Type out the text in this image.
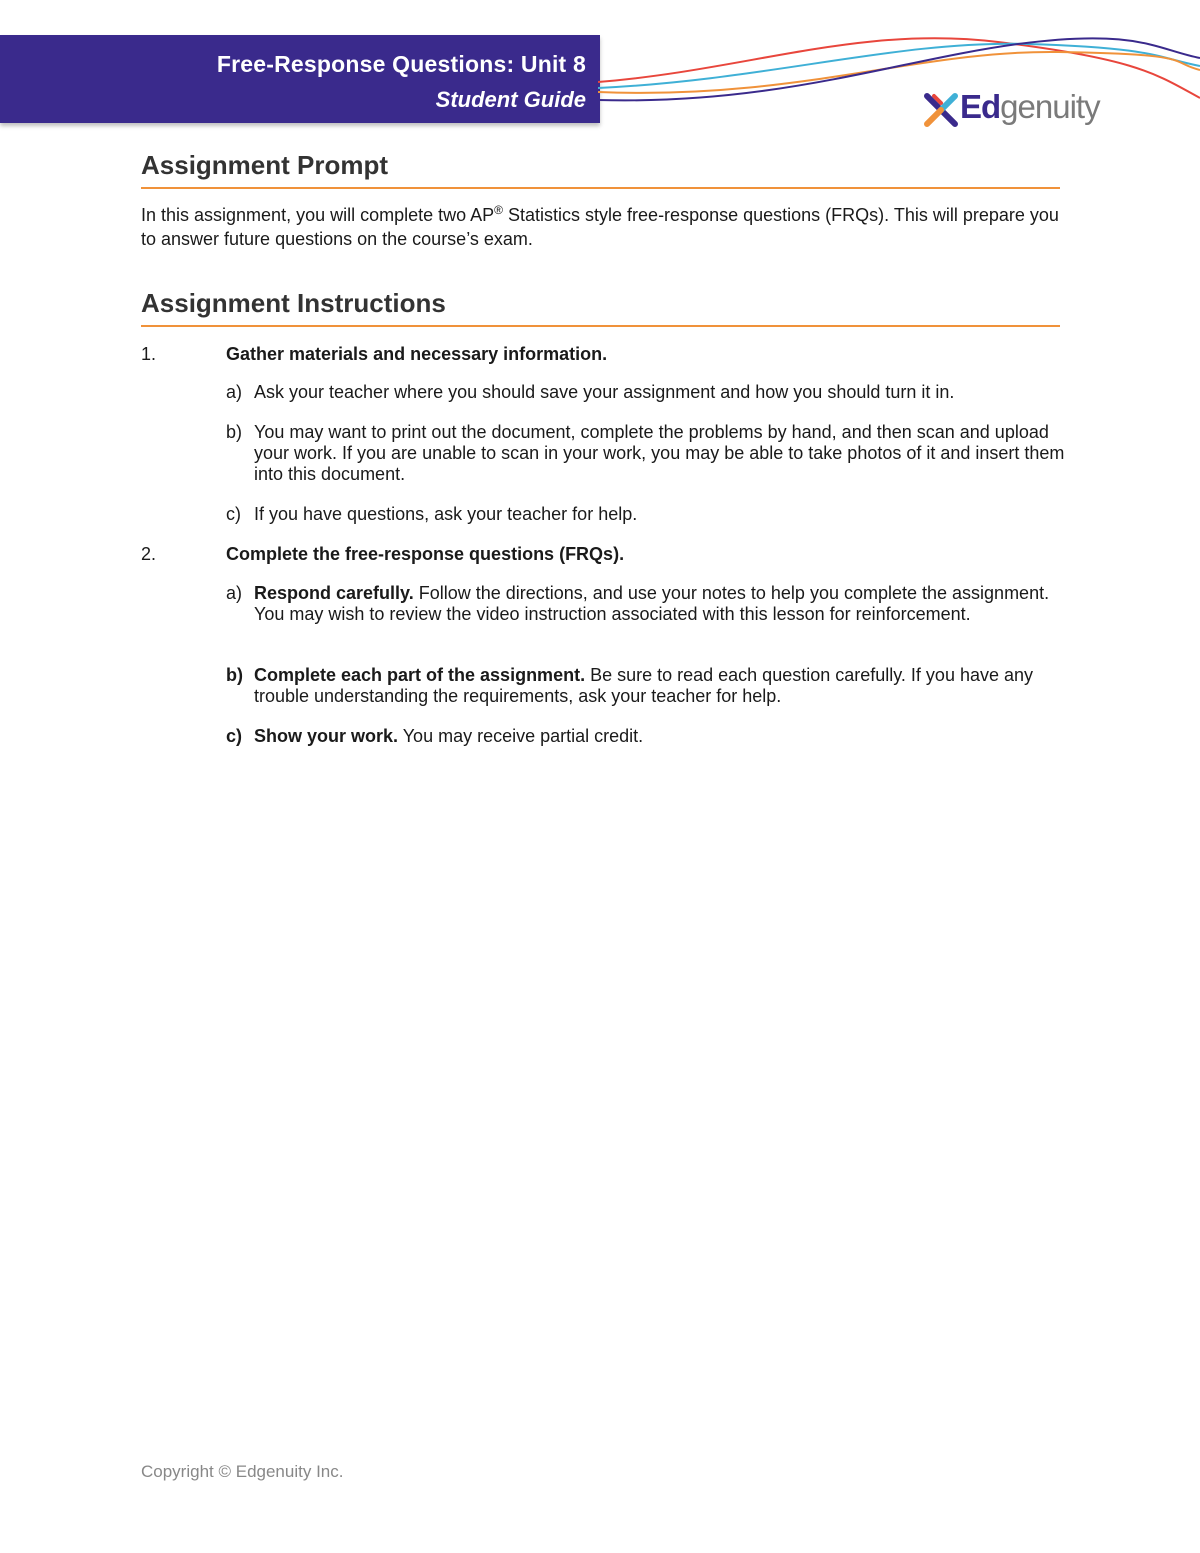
Free-Response Questions: Unit 8
Student Guide	Edgenuity
Assignment Prompt
In this assignment, you will complete two AP® Statistics style free-response questions (FRQs). This will prepare you to answer future questions on the course’s exam.
Assignment Instructions
1.	Gather materials and necessary information.
a) Ask your teacher where you should save your assignment and how you should turn it in.
b) You may want to print out the document, complete the problems by hand, and then scan and upload your work. If you are unable to scan in your work, you may be able to take photos of it and insert them into this document.
c) If you have questions, ask your teacher for help.
2.	Complete the free-response questions (FRQs).
a) Respond carefully. Follow the directions, and use your notes to help you complete the assignment. You may wish to review the video instruction associated with this lesson for reinforcement.
b) Complete each part of the assignment. Be sure to read each question carefully. If you have any trouble understanding the requirements, ask your teacher for help.
c) Show your work. You may receive partial credit.
Copyright © Edgenuity Inc.
